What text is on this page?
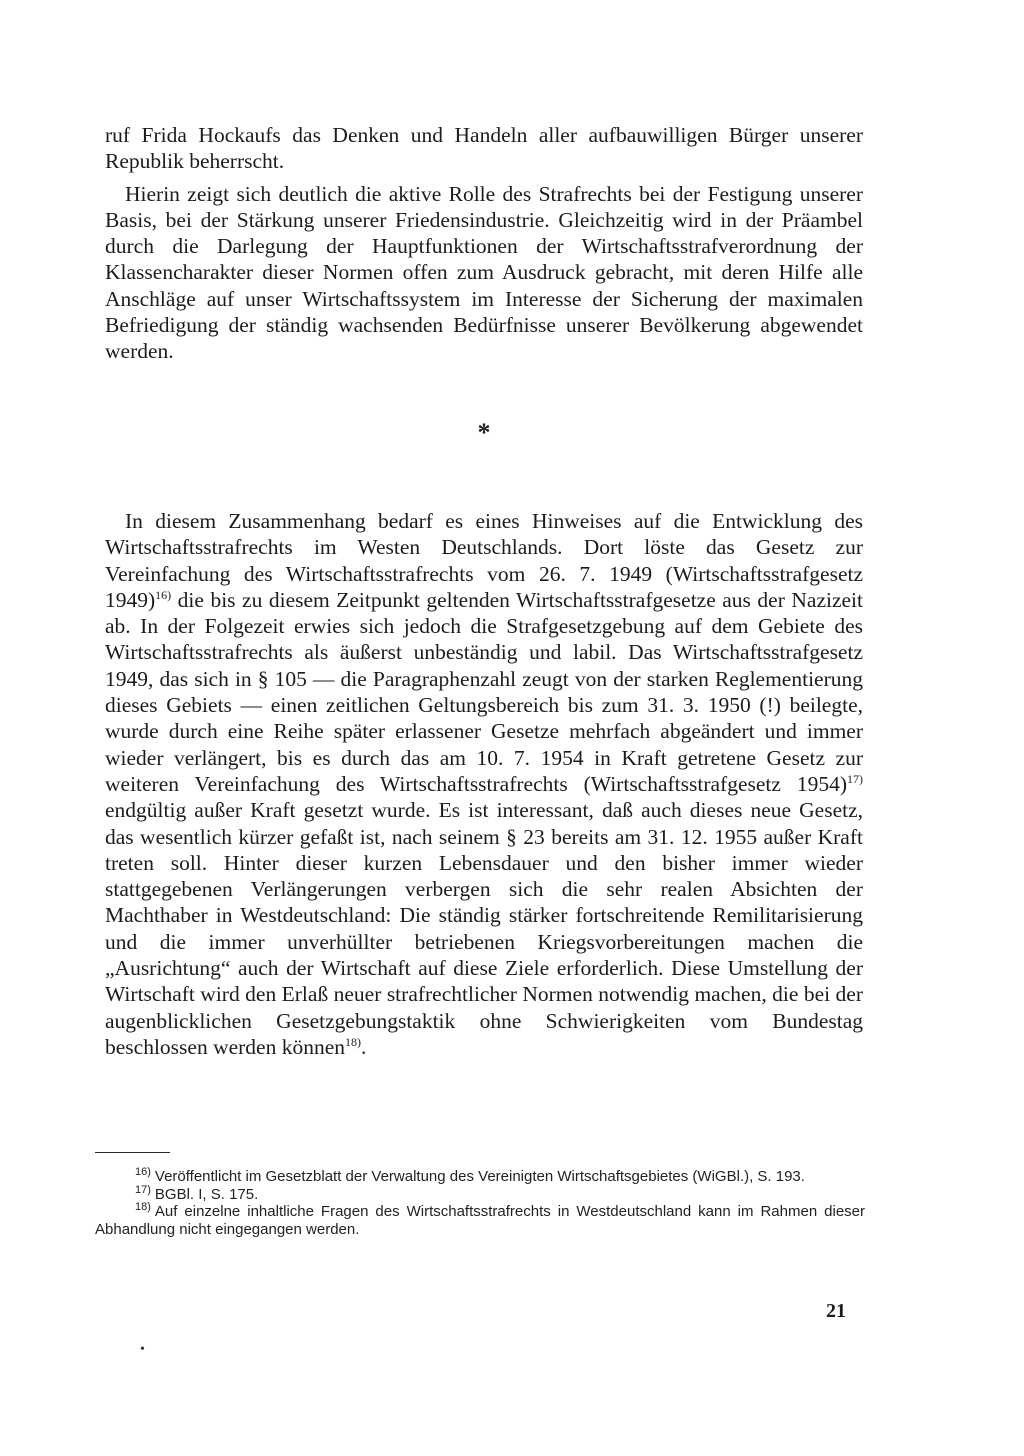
ruf Frida Hockaufs das Denken und Handeln aller aufbauwilligen Bürger unserer Republik beherrscht.

Hierin zeigt sich deutlich die aktive Rolle des Strafrechts bei der Festigung unserer Basis, bei der Stärkung unserer Friedensindustrie. Gleichzeitig wird in der Präambel durch die Darlegung der Hauptfunktionen der Wirtschaftsstrafverordnung der Klassencharakter dieser Normen offen zum Ausdruck gebracht, mit deren Hilfe alle Anschläge auf unser Wirtschaftssystem im Interesse der Sicherung der maximalen Befriedigung der ständig wachsenden Bedürfnisse unserer Bevölkerung abgewendet werden.

*

In diesem Zusammenhang bedarf es eines Hinweises auf die Entwicklung des Wirtschaftsstrafrechts im Westen Deutschlands. Dort löste das Gesetz zur Vereinfachung des Wirtschaftsstrafrechts vom 26. 7. 1949 (Wirtschaftsstrafgesetz 1949)$^{16)}$ die bis zu diesem Zeitpunkt geltenden Wirtschaftsstrafgesetze aus der Nazizeit ab. In der Folgezeit erwies sich jedoch die Strafgesetzgebung auf dem Gebiete des Wirtschaftsstrafrechts als äußerst unbeständig und labil. Das Wirtschaftsstrafgesetz 1949, das sich in § 105 — die Paragraphenzahl zeugt von der starken Reglementierung dieses Gebiets — einen zeitlichen Geltungsbereich bis zum 31. 3. 1950 (!) beilegte, wurde durch eine Reihe später erlassener Gesetze mehrfach abgeändert und immer wieder verlängert, bis es durch das am 10. 7. 1954 in Kraft getretene Gesetz zur weiteren Vereinfachung des Wirtschaftsstrafrechts (Wirtschaftsstrafgesetz 1954)$^{17)}$ endgültig außer Kraft gesetzt wurde. Es ist interessant, daß auch dieses neue Gesetz, das wesentlich kürzer gefaßt ist, nach seinem § 23 bereits am 31. 12. 1955 außer Kraft treten soll. Hinter dieser kurzen Lebensdauer und den bisher immer wieder stattgegebenen Verlängerungen verbergen sich die sehr realen Absichten der Machthaber in Westdeutschland: Die ständig stärker fortschreitende Remilitarisierung und die immer unverhüllter betriebenen Kriegsvorbereitungen machen die „Ausrichtung“ auch der Wirtschaft auf diese Ziele erforderlich. Diese Umstellung der Wirtschaft wird den Erlaß neuer strafrechtlicher Normen notwendig machen, die bei der augenblicklichen Gesetzgebungstaktik ohne Schwierigkeiten vom Bundestag beschlossen werden können$^{18)}$.

16) Veröffentlicht im Gesetzblatt der Verwaltung des Vereinigten Wirtschaftsgebietes (WiGBl.), S. 193.

17) BGBl. I, S. 175.

18) Auf einzelne inhaltliche Fragen des Wirtschaftsstrafrechts in Westdeutschland kann im Rahmen dieser Abhandlung nicht eingegangen werden.

21
•
